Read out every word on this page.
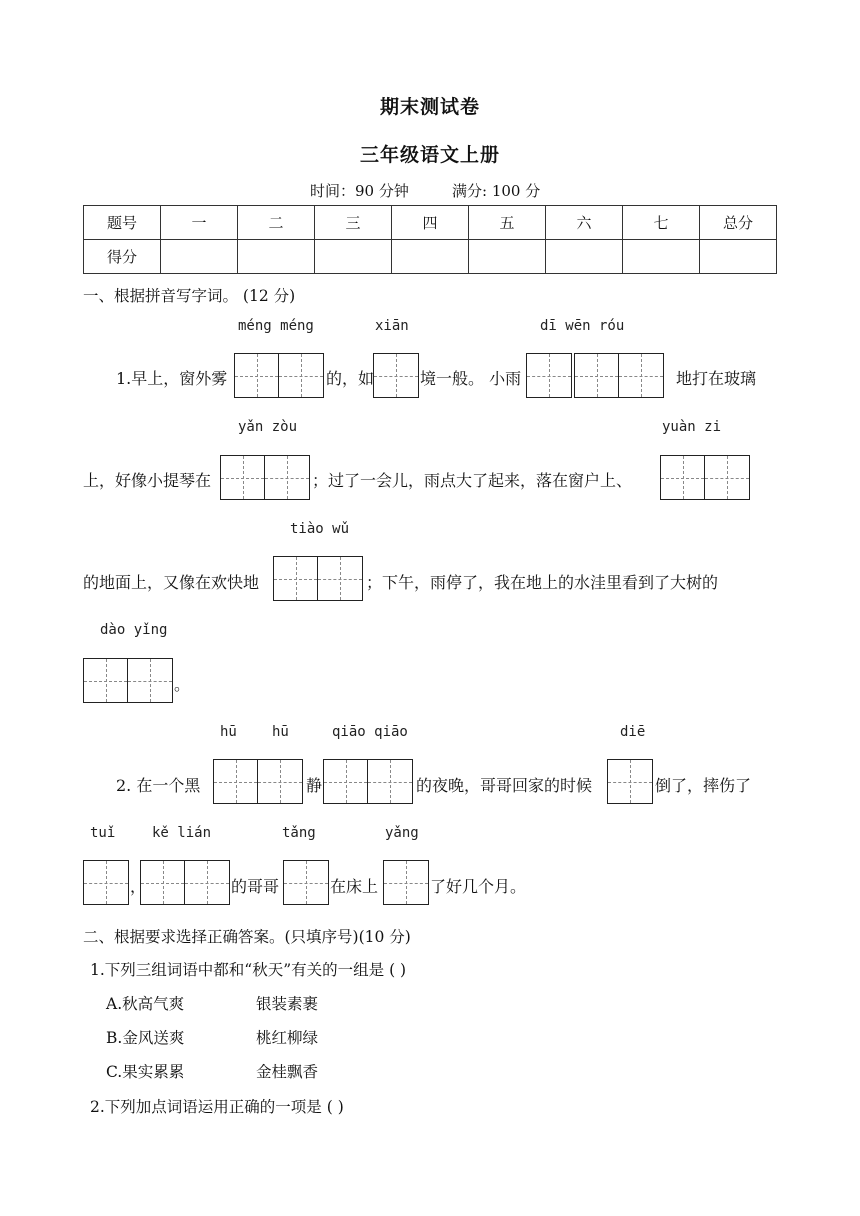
期末测试卷
三年级语文上册
时间：90 分钟	满分: 100 分
题号	一	二	三	四	五	六	七	总分
得分								
一、根据拼音写字词。 (12 分)
méng méng	xiān	dī wēn róu
1.早上，窗外雾	的，如	境一般。 小雨	地打在玻璃
yǎn zòu	yuàn zi
上，好像小提琴在	；过了一会儿，雨点大了起来，落在窗户上、
tiào wǔ
的地面上，又像在欢快地	；下午，雨停了，我在地上的水洼里看到了大树的
dào yǐng
。
hū	hū	qiāo qiāo	diē
2. 在一个黑	静	的夜晚，哥哥回家的时候	倒了，摔伤了
tuǐ	kě lián	tǎng	yǎng
，	的哥哥	在床上	了好几个月。
二、根据要求选择正确答案。(只填序号)(10 分)
1.下列三组词语中都和“秋天”有关的一组是 ( )
A.秋高气爽	银装素裹
B.金风送爽	桃红柳绿
C.果实累累	金桂飘香
2.下列加点词语运用正确的一项是 ( )
